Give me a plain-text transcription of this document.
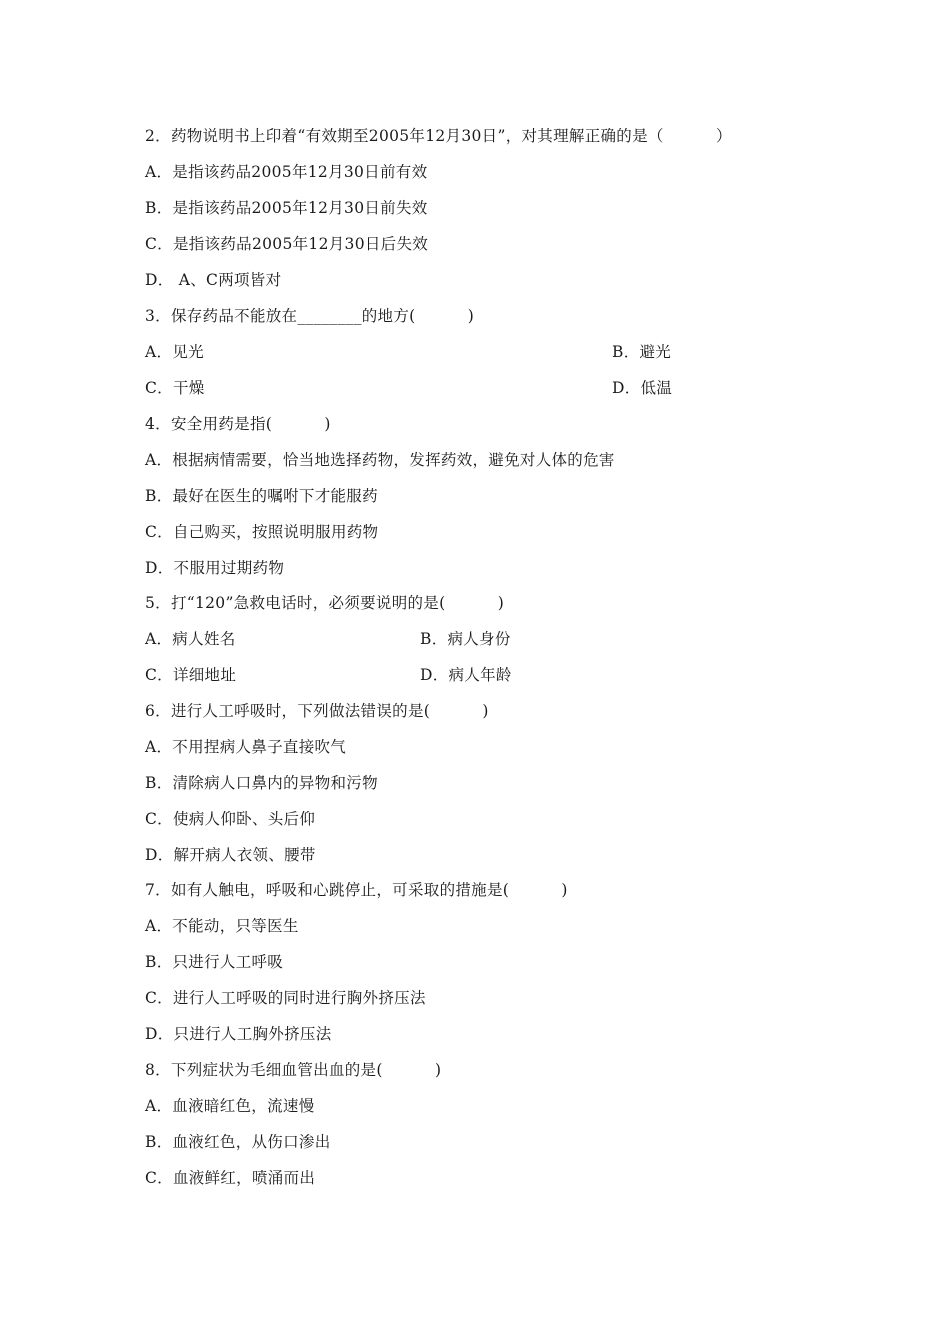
2．药物说明书上印着“有效期至2005年12月30日”，对其理解正确的是（          ）
A．是指该药品2005年12月30日前有效
B．是指该药品2005年12月30日前失效
C．是指该药品2005年12月30日后失效
D． A、C两项皆对
3．保存药品不能放在________的地方(          )
A．见光	B．避光
C．干燥	D．低温
4．安全用药是指(          )
A．根据病情需要，恰当地选择药物，发挥药效，避免对人体的危害
B．最好在医生的嘱咐下才能服药
C．自己购买，按照说明服用药物
D．不服用过期药物
5．打“120”急救电话时，必须要说明的是(          )
A．病人姓名	B．病人身份
C．详细地址	D．病人年龄
6．进行人工呼吸时，下列做法错误的是(          )
A．不用捏病人鼻子直接吹气
B．清除病人口鼻内的异物和污物
C．使病人仰卧、头后仰
D．解开病人衣领、腰带
7．如有人触电，呼吸和心跳停止，可采取的措施是(          )
A．不能动，只等医生
B．只进行人工呼吸
C．进行人工呼吸的同时进行胸外挤压法
D．只进行人工胸外挤压法
8．下列症状为毛细血管出血的是(          )
A．血液暗红色，流速慢
B．血液红色，从伤口渗出
C．血液鲜红，喷涌而出
